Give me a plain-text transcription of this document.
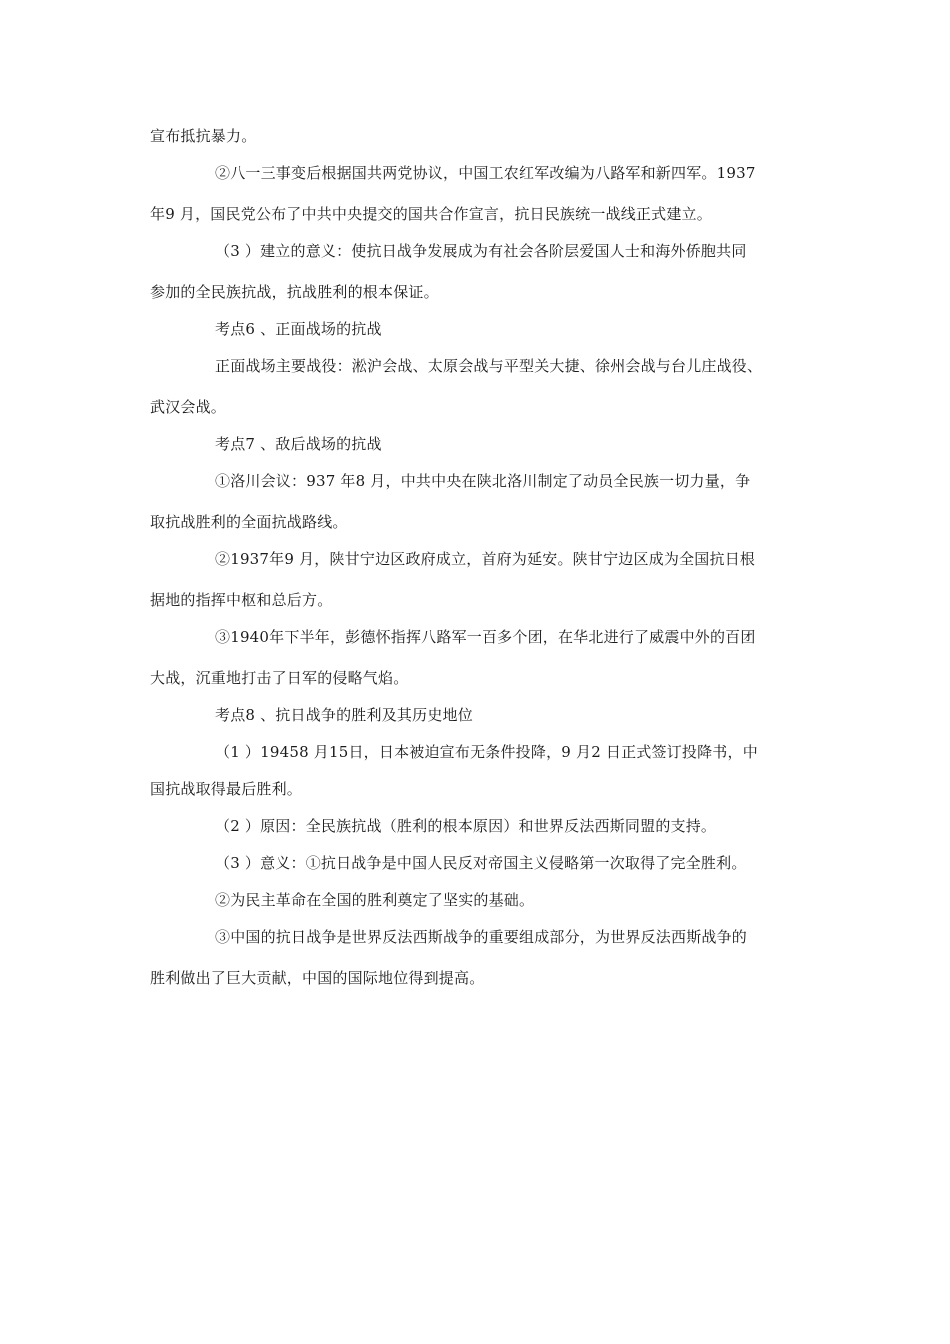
宣布抵抗暴力。
②八一三事变后根据国共两党协议，中国工农红军改编为八路军和新四军。1937
年9 月，国民党公布了中共中央提交的国共合作宣言，抗日民族统一战线正式建立。
（3 ）建立的意义：使抗日战争发展成为有社会各阶层爱国人士和海外侨胞共同
参加的全民族抗战，抗战胜利的根本保证。
考点6 、正面战场的抗战
正面战场主要战役：淞沪会战、太原会战与平型关大捷、徐州会战与台儿庄战役、
武汉会战。
考点7 、敌后战场的抗战
①洛川会议：937 年8 月，中共中央在陕北洛川制定了动员全民族一切力量，争
取抗战胜利的全面抗战路线。
②1937年9 月，陕甘宁边区政府成立，首府为延安。陕甘宁边区成为全国抗日根
据地的指挥中枢和总后方。
③1940年下半年，彭德怀指挥八路军一百多个团，在华北进行了威震中外的百团
大战，沉重地打击了日军的侵略气焰。
考点8 、抗日战争的胜利及其历史地位
（1 ）19458 月15日，日本被迫宣布无条件投降，9 月2 日正式签订投降书，中
国抗战取得最后胜利。
（2 ）原因：全民族抗战（胜利的根本原因）和世界反法西斯同盟的支持。
（3 ）意义：①抗日战争是中国人民反对帝国主义侵略第一次取得了完全胜利。
②为民主革命在全国的胜利奠定了坚实的基础。
③中国的抗日战争是世界反法西斯战争的重要组成部分，为世界反法西斯战争的
胜利做出了巨大贡献，中国的国际地位得到提高。
